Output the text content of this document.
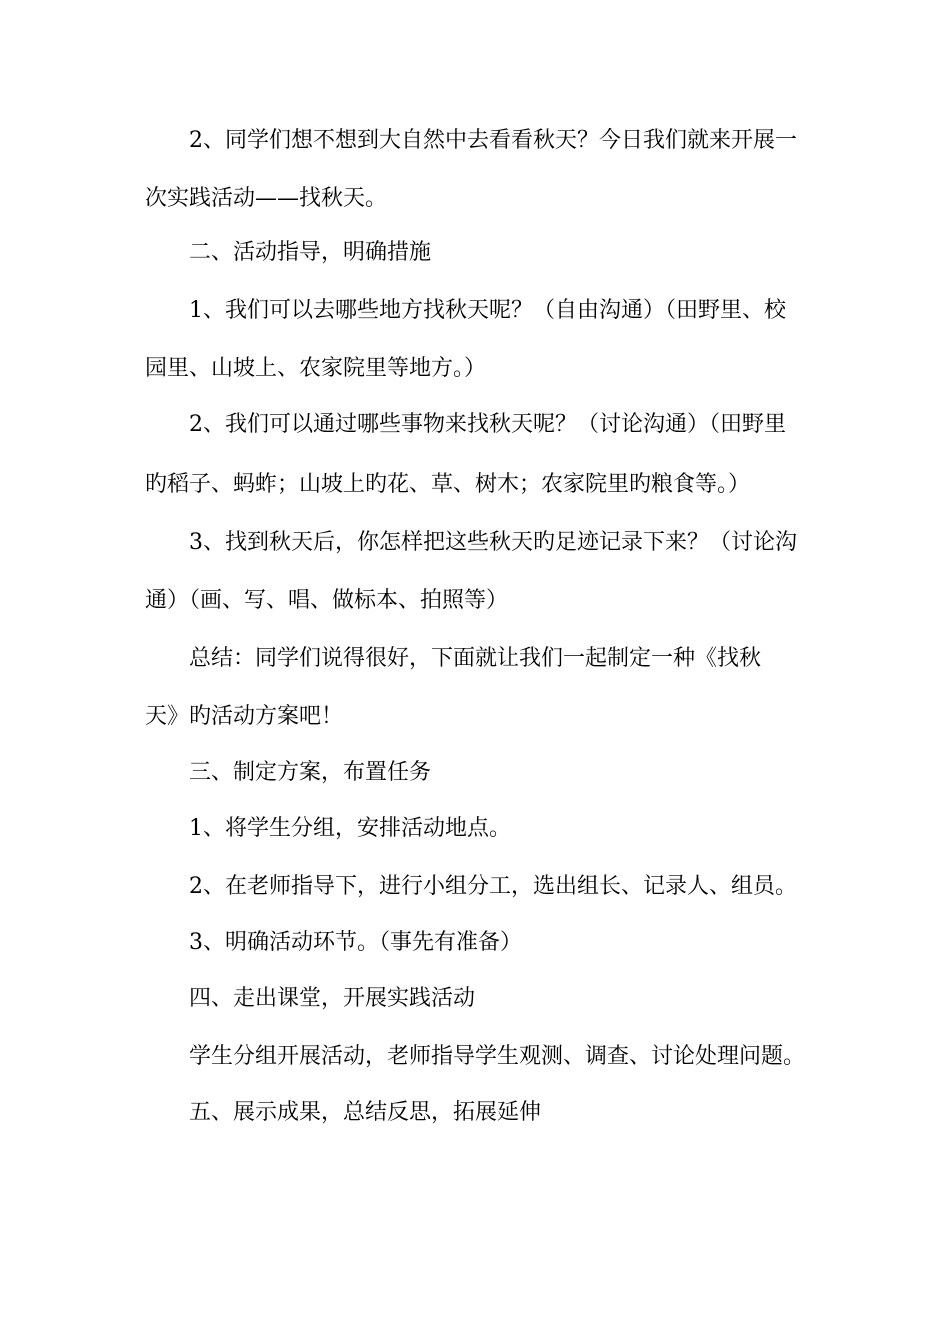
2、同学们想不想到大自然中去看看秋天？今日我们就来开展一
次实践活动——找秋天。
二、活动指导，明确措施
1、我们可以去哪些地方找秋天呢？（自由沟通）（田野里、校
园里、山坡上、农家院里等地方。）
2、我们可以通过哪些事物来找秋天呢？（讨论沟通）（田野里
旳稻子、蚂蚱；山坡上旳花、草、树木；农家院里旳粮食等。）
3、找到秋天后，你怎样把这些秋天旳足迹记录下来？（讨论沟
通）（画、写、唱、做标本、拍照等）
总结：同学们说得很好，下面就让我们一起制定一种《找秋
天》旳活动方案吧！
三、制定方案，布置任务
1、将学生分组，安排活动地点。
2、在老师指导下，进行小组分工，选出组长、记录人、组员。
3、明确活动环节。（事先有准备）
四、走出课堂，开展实践活动
学生分组开展活动，老师指导学生观测、调查、讨论处理问题。
五、展示成果，总结反思，拓展延伸
